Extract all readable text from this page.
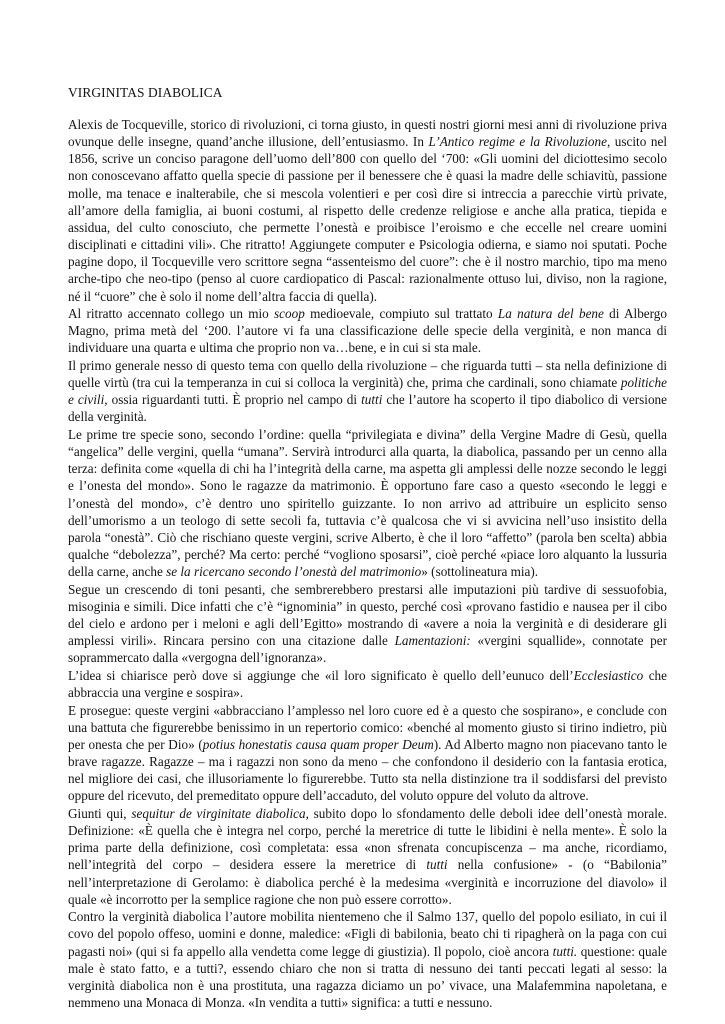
VIRGINITAS DIABOLICA

Alexis de Tocqueville, storico di rivoluzioni, ci torna giusto, in questi nostri giorni mesi anni di rivoluzione priva ovunque delle insegne, quand’anche illusione, dell’entusiasmo. In L’Antico regime e la Rivoluzione, uscito nel 1856, scrive un conciso paragone dell’uomo dell’800 con quello del ‘700: «Gli uomini del diciottesimo secolo non conoscevano affatto quella specie di passione per il benessere che è quasi la madre delle schiavitù, passione molle, ma tenace e inalterabile, che si mescola volentieri e per così dire si intreccia a parecchie virtù private, all’amore della famiglia, ai buoni costumi, al rispetto delle credenze religiose e anche alla pratica, tiepida e assidua, del culto conosciuto, che permette l’onestà e proibisce l’eroismo e che eccelle nel creare uomini disciplinati e cittadini vili». Che ritratto! Aggiungete computer e Psicologia odierna, e siamo noi sputati. Poche pagine dopo, il Tocqueville vero scrittore segna “assenteismo del cuore”: che è il nostro marchio, tipo ma meno arche-tipo che neo-tipo (penso al cuore cardiopatico di Pascal: razionalmente ottuso lui, diviso, non la ragione, né il “cuore” che è solo il nome dell’altra faccia di quella).

Al ritratto accennato collego un mio scoop medioevale, compiuto sul trattato La natura del bene di Albergo Magno, prima metà del ‘200. l’autore vi fa una classificazione delle specie della verginità, e non manca di individuare una quarta e ultima che proprio non va…bene, e in cui si sta male.

Il primo generale nesso di questo tema con quello della rivoluzione – che riguarda tutti – sta nella definizione di quelle virtù (tra cui la temperanza in cui si colloca la verginità) che, prima che cardinali, sono chiamate politiche e civili, ossia riguardanti tutti. È proprio nel campo di tutti che l’autore ha scoperto il tipo diabolico di versione della verginità.

Le prime tre specie sono, secondo l’ordine: quella “privilegiata e divina” della Vergine Madre di Gesù, quella “angelica” delle vergini, quella “umana”. Servirà introdurci alla quarta, la diabolica, passando per un cenno alla terza: definita come «quella di chi ha l’integrità della carne, ma aspetta gli amplessi delle nozze secondo le leggi e l’onesta del mondo». Sono le ragazze da matrimonio. È opportuno fare caso a questo «secondo le leggi e l’onestà del mondo», c’è dentro uno spiritello guizzante. Io non arrivo ad attribuire un esplicito senso dell’umorismo a un teologo di sette secoli fa, tuttavia c’è qualcosa che vi si avvicina nell’uso insistito della parola “onestà”. Ciò che rischiano queste vergini, scrive Alberto, è che il loro “affetto” (parola ben scelta) abbia qualche “debolezza”, perché? Ma certo: perché “vogliono sposarsi”, cioè perché «piace loro alquanto la lussuria della carne, anche se la ricercano secondo l’onestà del matrimonio» (sottolineatura mia).

Segue un crescendo di toni pesanti, che sembrerebbero prestarsi alle imputazioni più tardive di sessuofobia, misoginia e simili. Dice infatti che c’è “ignominia” in questo, perché così «provano fastidio e nausea per il cibo del cielo e ardono per i meloni e agli dell’Egitto» mostrando di «avere a noia la verginità e di desiderare gli amplessi virili». Rincara persino con una citazione dalle Lamentazioni: «vergini squallide», connotate per soprammercato dalla «vergogna dell’ignoranza».

L’idea si chiarisce però dove si aggiunge che «il loro significato è quello dell’eunuco dell’Ecclesiastico che abbraccia una vergine e sospira».

E prosegue: queste vergini «abbracciano l’amplesso nel loro cuore ed è a questo che sospirano», e conclude con una battuta che figurerebbe benissimo in un repertorio comico: «benché al momento giusto si tirino indietro, più per onesta che per Dio» (potius honestatis causa quam proper Deum). Ad Alberto magno non piacevano tanto le brave ragazze. Ragazze – ma i ragazzi non sono da meno – che confondono il desiderio con la fantasia erotica, nel migliore dei casi, che illusoriamente lo figurerebbe. Tutto sta nella distinzione tra il soddisfarsi del previsto oppure del ricevuto, del premeditato oppure dell’accaduto, del voluto oppure del voluto da altrove.

Giunti qui, sequitur de virginitate diabolica, subito dopo lo sfondamento delle deboli idee dell’onestà morale. Definizione: «È quella che è integra nel corpo, perché la meretrice di tutte le libidini è nella mente». È solo la prima parte della definizione, così completata: essa «non sfrenata concupiscenza – ma anche, ricordiamo, nell’integrità del corpo – desidera essere la meretrice di tutti nella confusione» - (o “Babilonia” nell’interpretazione di Gerolamo: è diabolica perché è la medesima «verginità e incorruzione del diavolo» il quale «è incorrotto per la semplice ragione che non può essere corrotto».

Contro la verginità diabolica l’autore mobilita nientemeno che il Salmo 137, quello del popolo esiliato, in cui il covo del popolo offeso, uomini e donne, maledice: «Figli di babilonia, beato chi ti ripagherà on la paga con cui pagasti noi» (qui si fa appello alla vendetta come legge di giustizia). Il popolo, cioè ancora tutti. questione: quale male è stato fatto, e a tutti?, essendo chiaro che non si tratta di nessuno dei tanti peccati legati al sesso: la verginità diabolica non è una prostituta, una ragazza diciamo un po’ vivace, una Malafemmina napoletana, e nemmeno una Monaca di Monza. «In vendita a tutti» significa: a tutti e nessuno.
